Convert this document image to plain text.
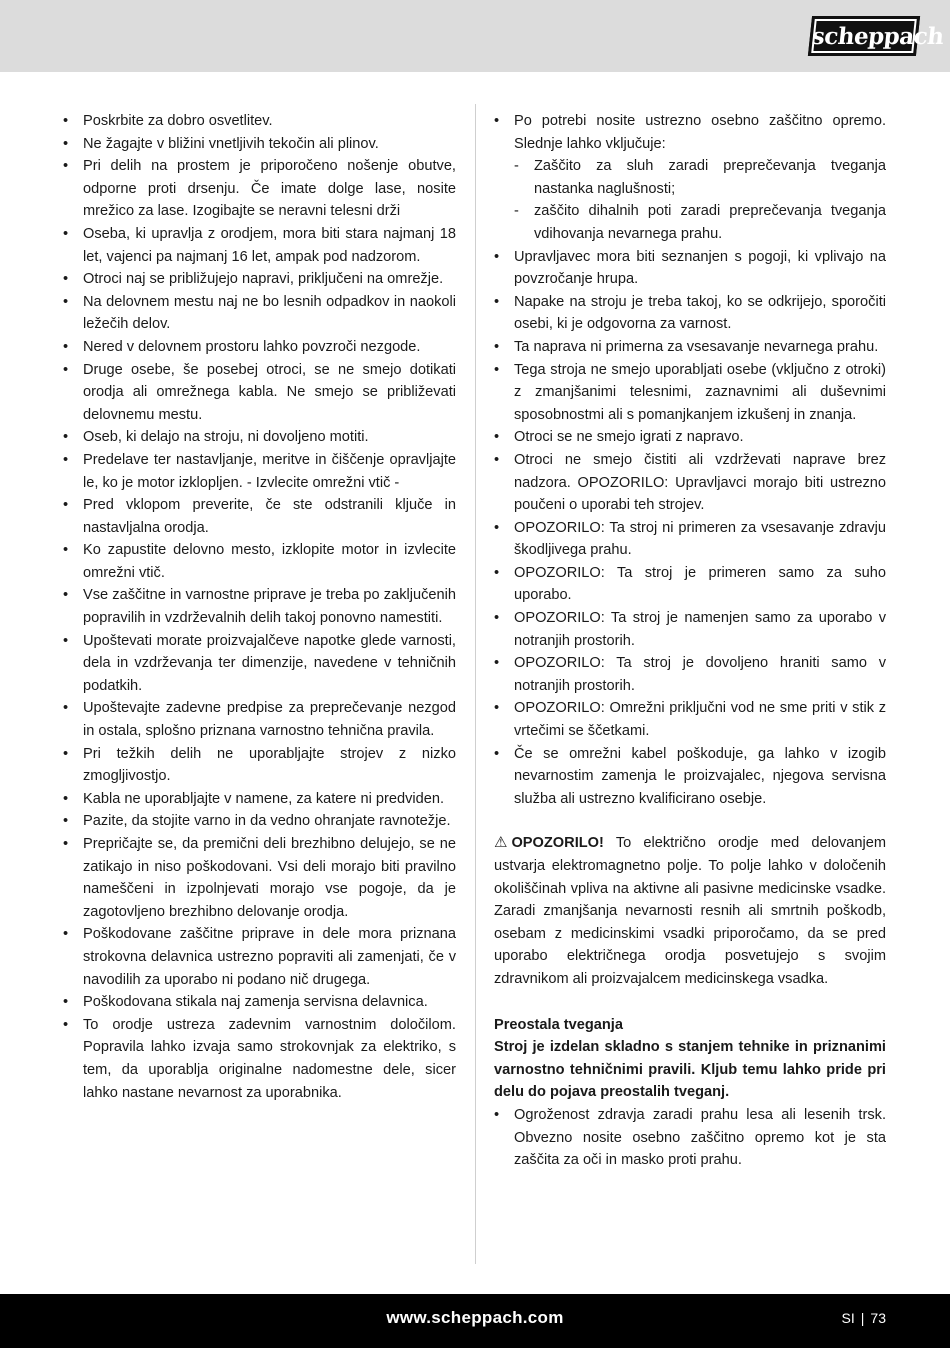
scheppach
• Poskrbite za dobro osvetlitev.
• Ne žagajte v bližini vnetljivih tekočin ali plinov.
• Pri delih na prostem je priporočeno nošenje obutve, odporne proti drsenju. Če imate dolge lase, nosite mrežico za lase. Izogibajte se neravni telesni drži
• Oseba, ki upravlja z orodjem, mora biti stara najmanj 18 let, vajenci pa najmanj 16 let, ampak pod nadzorom.
• Otroci naj se približujejo napravi, priključeni na omrežje.
• Na delovnem mestu naj ne bo lesnih odpadkov in naokoli ležečih delov.
• Nered v delovnem prostoru lahko povzroči nezgode.
• Druge osebe, še posebej otroci, se ne smejo dotikati orodja ali omrežnega kabla. Ne smejo se približevati delovnemu mestu.
• Oseb, ki delajo na stroju, ni dovoljeno motiti.
• Predelave ter nastavljanje, meritve in čiščenje opravljajte le, ko je motor izklopljen. - Izvlecite omrežni vtič -
• Pred vklopom preverite, če ste odstranili ključe in nastavljalna orodja.
• Ko zapustite delovno mesto, izklopite motor in izvlecite omrežni vtič.
• Vse zaščitne in varnostne priprave je treba po zaključenih popravilih in vzdrževalnih delih takoj ponovno namestiti.
• Upoštevati morate proizvajalčeve napotke glede varnosti, dela in vzdrževanja ter dimenzije, navedene v tehničnih podatkih.
• Upoštevajte zadevne predpise za preprečevanje nezgod in ostala, splošno priznana varnostno tehnična pravila.
• Pri težkih delih ne uporabljajte strojev z nizko zmogljivostjo.
• Kabla ne uporabljajte v namene, za katere ni predviden.
• Pazite, da stojite varno in da vedno ohranjate ravnotežje.
• Prepričajte se, da premični deli brezhibno delujejo, se ne zatikajo in niso poškodovani. Vsi deli morajo biti pravilno nameščeni in izpolnjevati morajo vse pogoje, da je zagotovljeno brezhibno delovanje orodja.
• Poškodovane zaščitne priprave in dele mora priznana strokovna delavnica ustrezno popraviti ali zamenjati, če v navodilih za uporabo ni podano nič drugega.
• Poškodovana stikala naj zamenja servisna delavnica.
• To orodje ustreza zadevnim varnostnim določilom. Popravila lahko izvaja samo strokovnjak za elektriko, s tem, da uporablja originalne nadomestne dele, sicer lahko nastane nevarnost za uporabnika.
• Po potrebi nosite ustrezno osebno zaščitno opremo. Slednje lahko vključuje:
- Zaščito za sluh zaradi preprečevanja tveganja nastanka naglušnosti;
- zaščito dihalnih poti zaradi preprečevanja tveganja vdihovanja nevarnega prahu.
• Upravljavec mora biti seznanjen s pogoji, ki vplivajo na povzročanje hrupa.
• Napake na stroju je treba takoj, ko se odkrijejo, sporočiti osebi, ki je odgovorna za varnost.
• Ta naprava ni primerna za vsesavanje nevarnega prahu.
• Tega stroja ne smejo uporabljati osebe (vključno z otroki) z zmanjšanimi telesnimi, zaznavnimi ali duševnimi sposobnostmi ali s pomanjkanjem izkušenj in znanja.
• Otroci se ne smejo igrati z napravo.
• Otroci ne smejo čistiti ali vzdrževati naprave brez nadzora. OPOZORILO: Upravljavci morajo biti ustrezno poučeni o uporabi teh strojev.
• OPOZORILO: Ta stroj ni primeren za vsesavanje zdravju škodljivega prahu.
• OPOZORILO: Ta stroj je primeren samo za suho uporabo.
• OPOZORILO: Ta stroj je namenjen samo za uporabo v notranjih prostorih.
• OPOZORILO: Ta stroj je dovoljeno hraniti samo v notranjih prostorih.
• OPOZORILO: Omrežni priključni vod ne sme priti v stik z vrtečimi se ščetkami.
• Če se omrežni kabel poškoduje, ga lahko v izogib nevarnostim zamenja le proizvajalec, njegova servisna služba ali ustrezno kvalificirano osebje.
⚠ OPOZORILO! To električno orodje med delovanjem ustvarja elektromagnetno polje. To polje lahko v določenih okoliščinah vpliva na aktivne ali pasivne medicinske vsadke. Zaradi zmanjšanja nevarnosti resnih ali smrtnih poškodb, osebam z medicinskimi vsadki priporočamo, da se pred uporabo električnega orodja posvetujejo s svojim zdravnikom ali proizvajalcem medicinskega vsadka.
Preostala tveganja
Stroj je izdelan skladno s stanjem tehnike in priznanimi varnostno tehničnimi pravili. Kljub temu lahko pride pri delu do pojava preostalih tveganj.
• Ogroženost zdravja zaradi prahu lesa ali lesenih trsk. Obvezno nosite osebno zaščitno opremo kot je sta zaščita za oči in masko proti prahu.
www.scheppach.com	SI | 73
